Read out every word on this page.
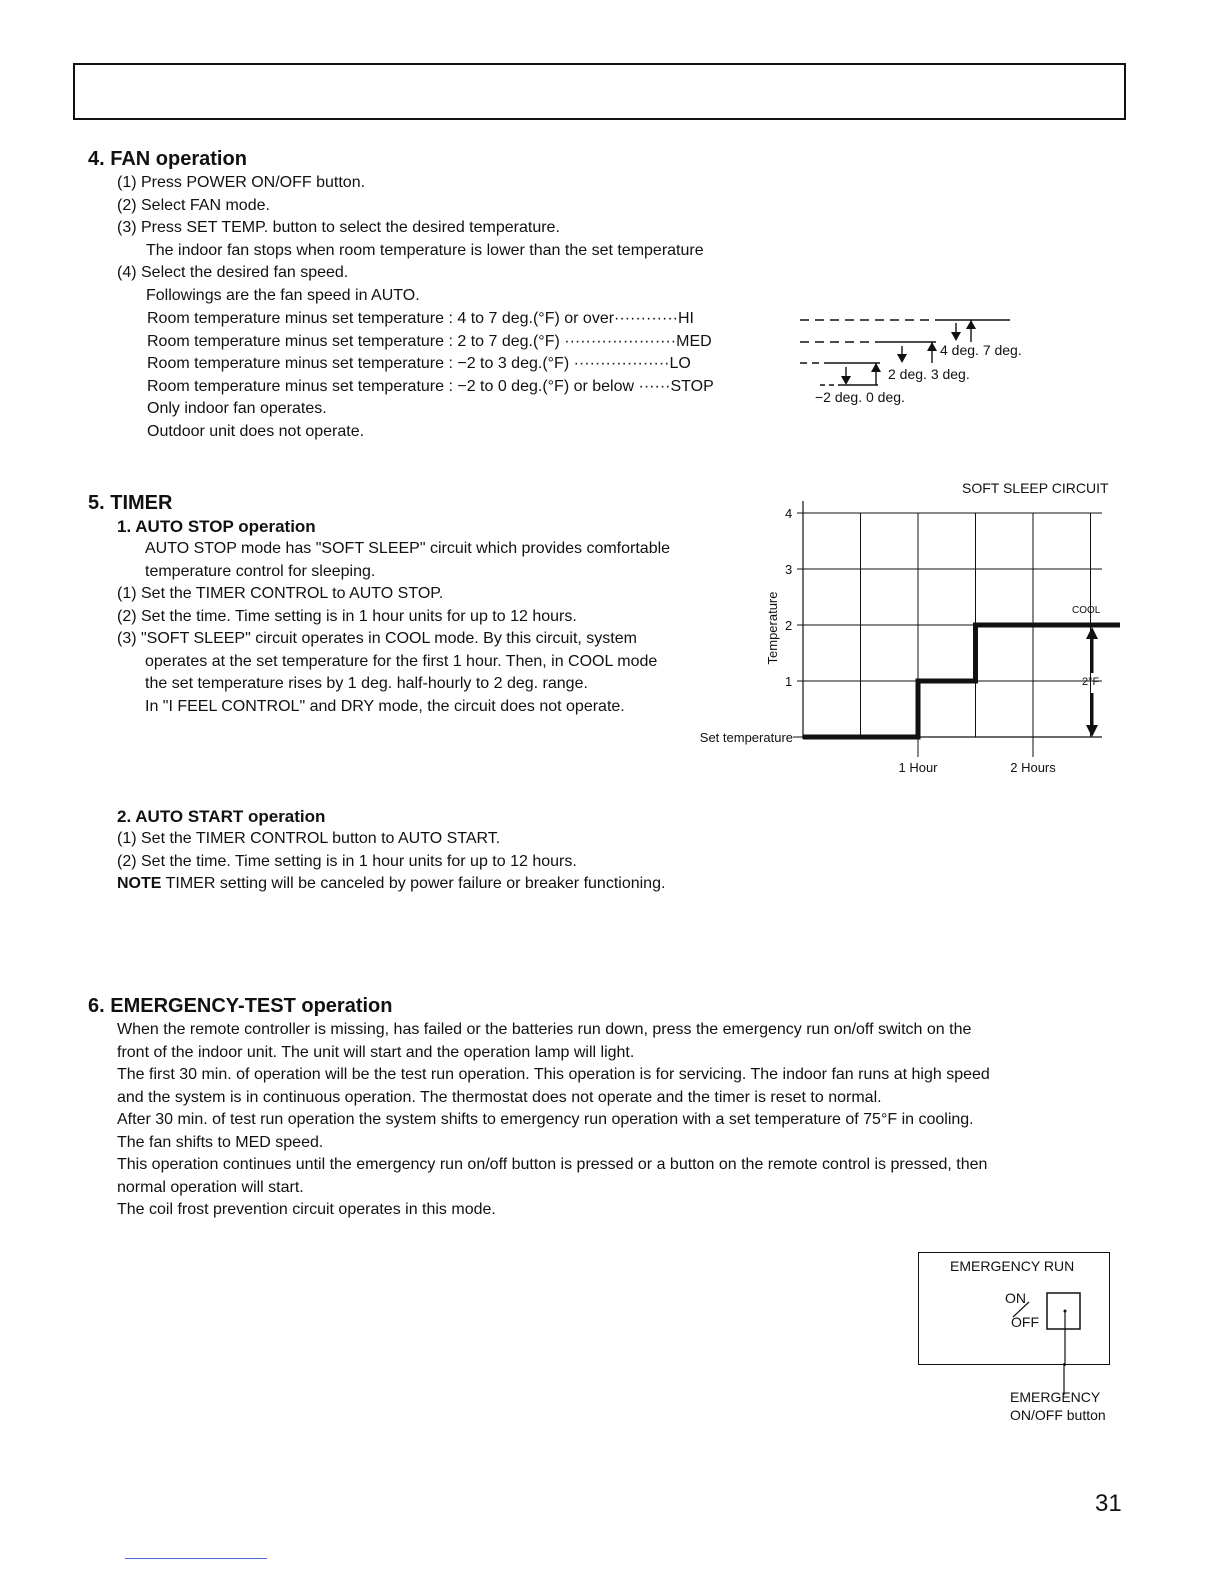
4. FAN operation
(1) Press POWER ON/OFF button.
(2) Select FAN mode.
(3) Press SET TEMP. button to select the desired temperature.
The indoor fan stops when room temperature is lower than the set temperature
(4) Select the desired fan speed.
Followings are the fan speed in AUTO.
Room temperature minus set temperature : 4 to 7 deg.(°F) or over············HI
Room temperature minus set temperature : 2 to 7 deg.(°F) ·····················MED
Room temperature minus set temperature : −2 to 3 deg.(°F) ··················LO
Room temperature minus set temperature : −2 to 0 deg.(°F) or below ······STOP
Only indoor fan operates.
Outdoor unit does not operate.
4 deg. 7 deg.
2 deg. 3 deg.
−2 deg. 0 deg.
5. TIMER
1. AUTO STOP operation
AUTO STOP mode has "SOFT SLEEP" circuit which provides comfortable
temperature control for sleeping.
(1) Set the TIMER CONTROL to AUTO STOP.
(2) Set the time. Time setting is in 1 hour units for up to 12 hours.
(3) "SOFT SLEEP" circuit operates in COOL mode. By this circuit, system
operates at the set temperature for the first 1 hour. Then, in COOL mode
the set temperature rises by 1 deg. half-hourly to 2 deg. range.
In "I FEEL CONTROL" and DRY mode, the circuit does not operate.
SOFT SLEEP CIRCUIT
1
2
3
4
1 Hour	2 Hours
Temperature
Set temperature
COOL
2°F
2. AUTO START operation
(1) Set the TIMER CONTROL button to AUTO START.
(2) Set the time. Time setting is in 1 hour units for up to 12 hours.
NOTE TIMER setting will be canceled by power failure or breaker functioning.
6. EMERGENCY-TEST operation
When the remote controller is missing, has failed or the batteries run down, press the emergency run on/off switch on the
front of the indoor unit. The unit will start and the operation lamp will light.
The first 30 min. of operation will be the test run operation. This operation is for servicing. The indoor fan runs at high speed
and the system is in continuous operation. The thermostat does not operate and the timer is reset to normal.
After 30 min. of test run operation the system shifts to emergency run operation with a set temperature of 75°F in cooling.
The fan shifts to MED speed.
This operation continues until the emergency run on/off button is pressed or a button on the remote control is pressed, then
normal operation will start.
The coil frost prevention circuit operates in this mode.
EMERGENCY RUN
ON
OFF
EMERGENCY
ON/OFF button
31
